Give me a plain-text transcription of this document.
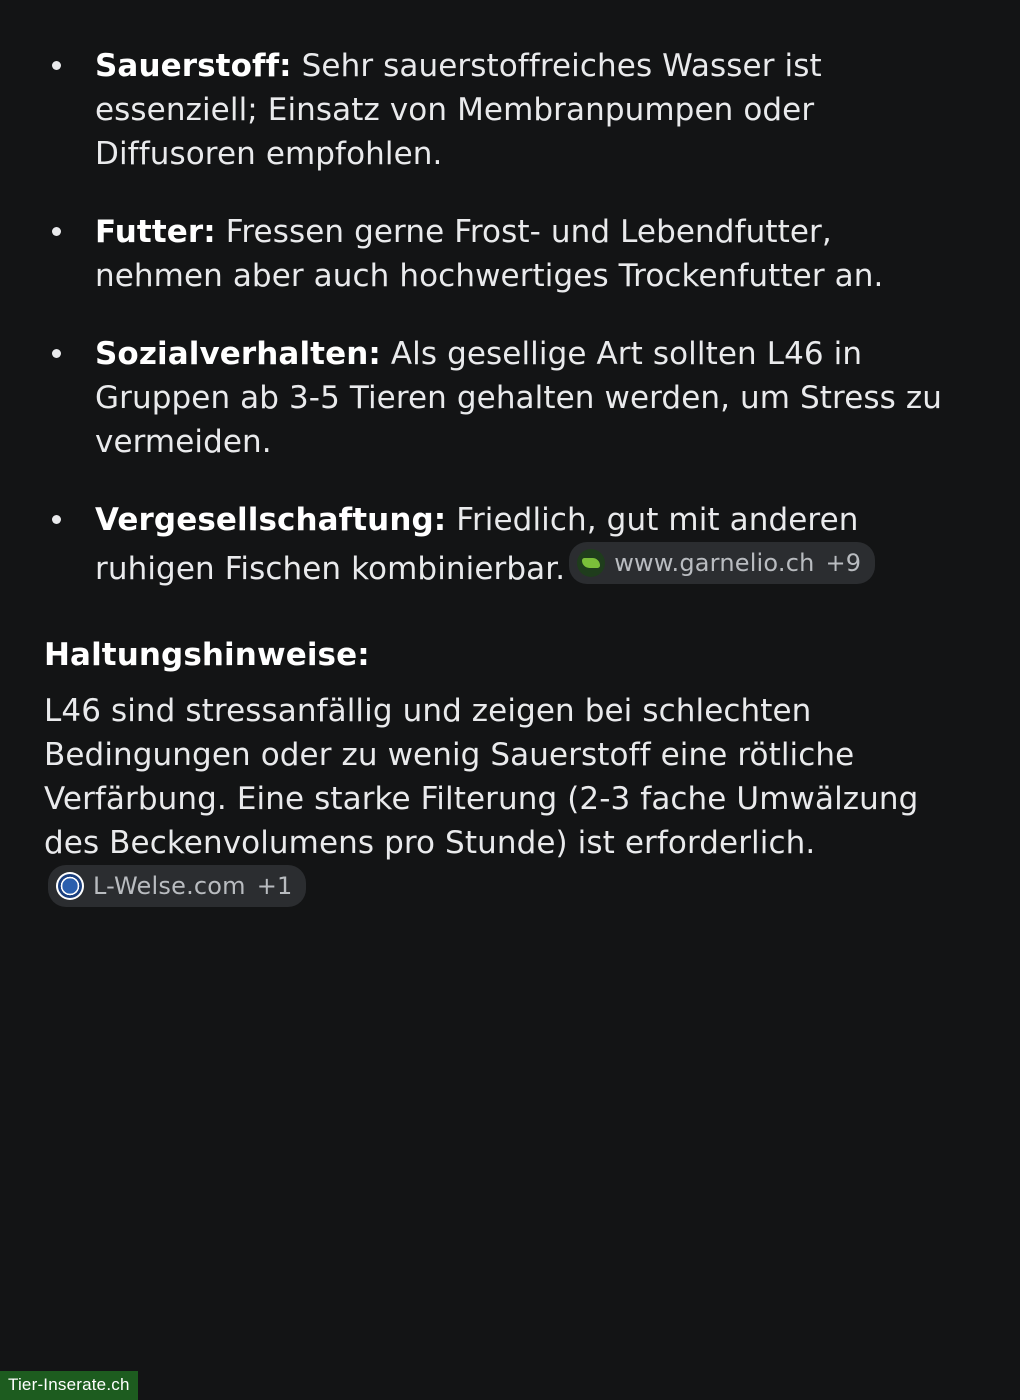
Sauerstoff: Sehr sauerstoffreiches Wasser ist essenziell; Einsatz von Membranpumpen oder Diffusoren empfohlen.
Futter: Fressen gerne Frost- und Lebendfutter, nehmen aber auch hochwertiges Trockenfutter an.
Sozialverhalten: Als gesellige Art sollten L46 in Gruppen ab 3-5 Tieren gehalten werden, um Stress zu vermeiden.
Vergesellschaftung: Friedlich, gut mit anderen ruhigen Fischen kombinierbar. www.garnelio.ch +9
Haltungshinweise:
L46 sind stressanfällig und zeigen bei schlechten Bedingungen oder zu wenig Sauerstoff eine rötliche Verfärbung. Eine starke Filterung (2-3 fache Umwälzung des Beckenvolumens pro Stunde) ist erforderlich.
L-Welse.com +1
Tier-Inserate.ch
